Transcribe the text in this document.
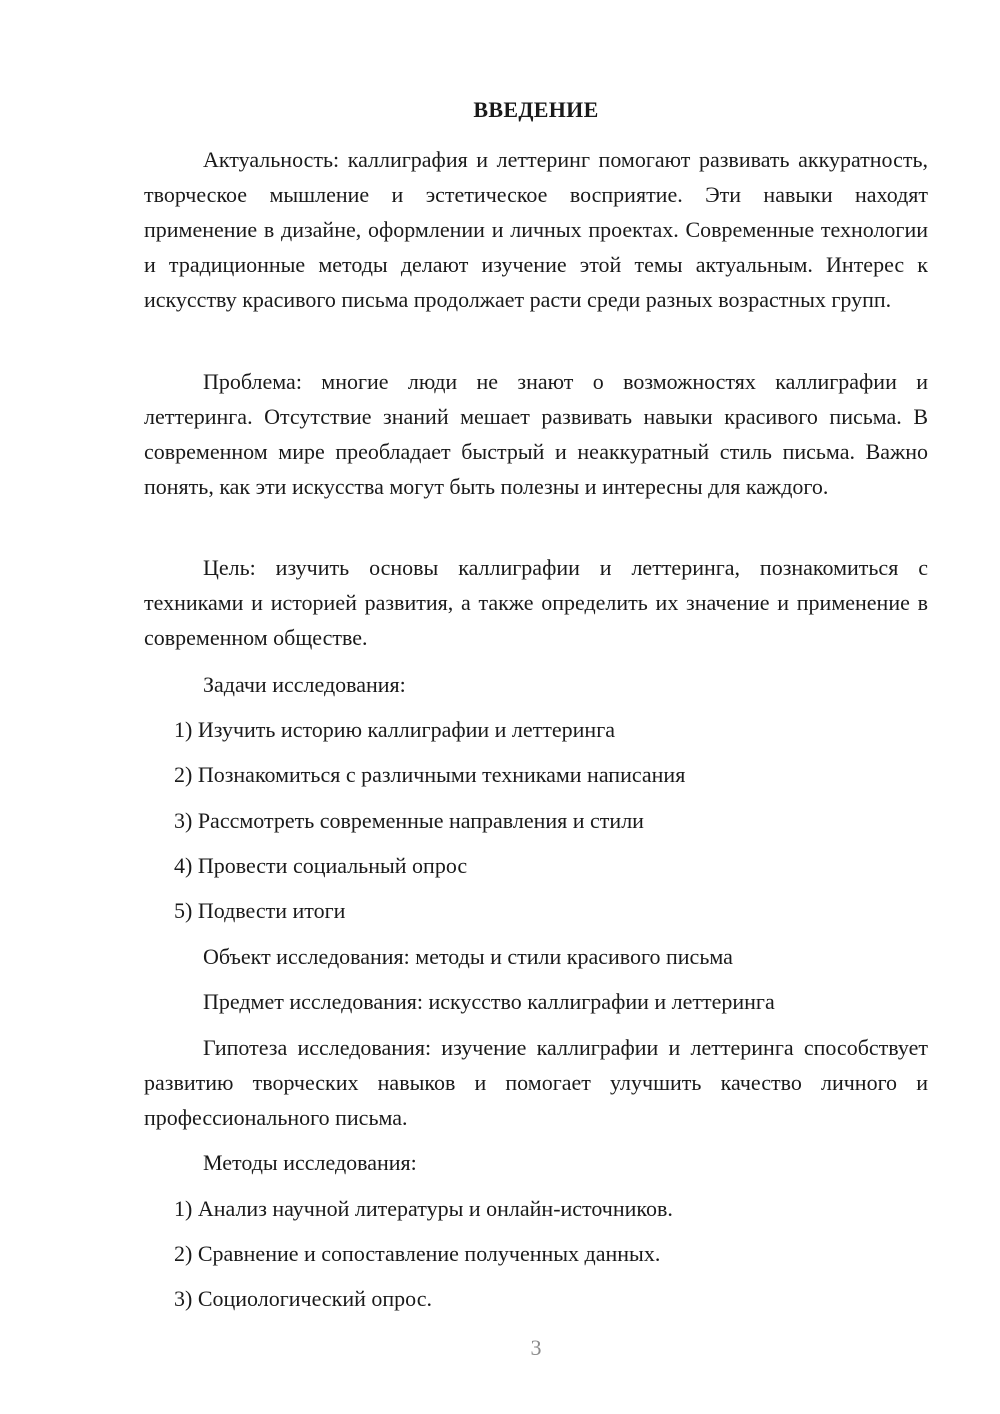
ВВЕДЕНИЕ

Актуальность: каллиграфия и леттеринг помогают развивать аккуратность, творческое мышление и эстетическое восприятие. Эти навыки находят применение в дизайне, оформлении и личных проектах. Современные технологии и традиционные методы делают изучение этой темы актуальным. Интерес к искусству красивого письма продолжает расти среди разных возрастных групп.

Проблема: многие люди не знают о возможностях каллиграфии и леттеринга. Отсутствие знаний мешает развивать навыки красивого письма. В современном мире преобладает быстрый и неаккуратный стиль письма. Важно понять, как эти искусства могут быть полезны и интересны для каждого.

Цель: изучить основы каллиграфии и леттеринга, познакомиться с техниками и историей развития, а также определить их значение и применение в современном обществе.

Задачи исследования:

1) Изучить историю каллиграфии и леттеринга

2) Познакомиться с различными техниками написания

3) Рассмотреть современные направления и стили

4) Провести социальный опрос

5) Подвести итоги

Объект исследования: методы и стили красивого письма

Предмет исследования: искусство каллиграфии и леттеринга

Гипотеза исследования: изучение каллиграфии и леттеринга способствует развитию творческих навыков и помогает улучшить качество личного и профессионального письма.

Методы исследования:

1) Анализ научной литературы и онлайн-источников.

2) Сравнение и сопоставление полученных данных.

3) Социологический опрос.

3
